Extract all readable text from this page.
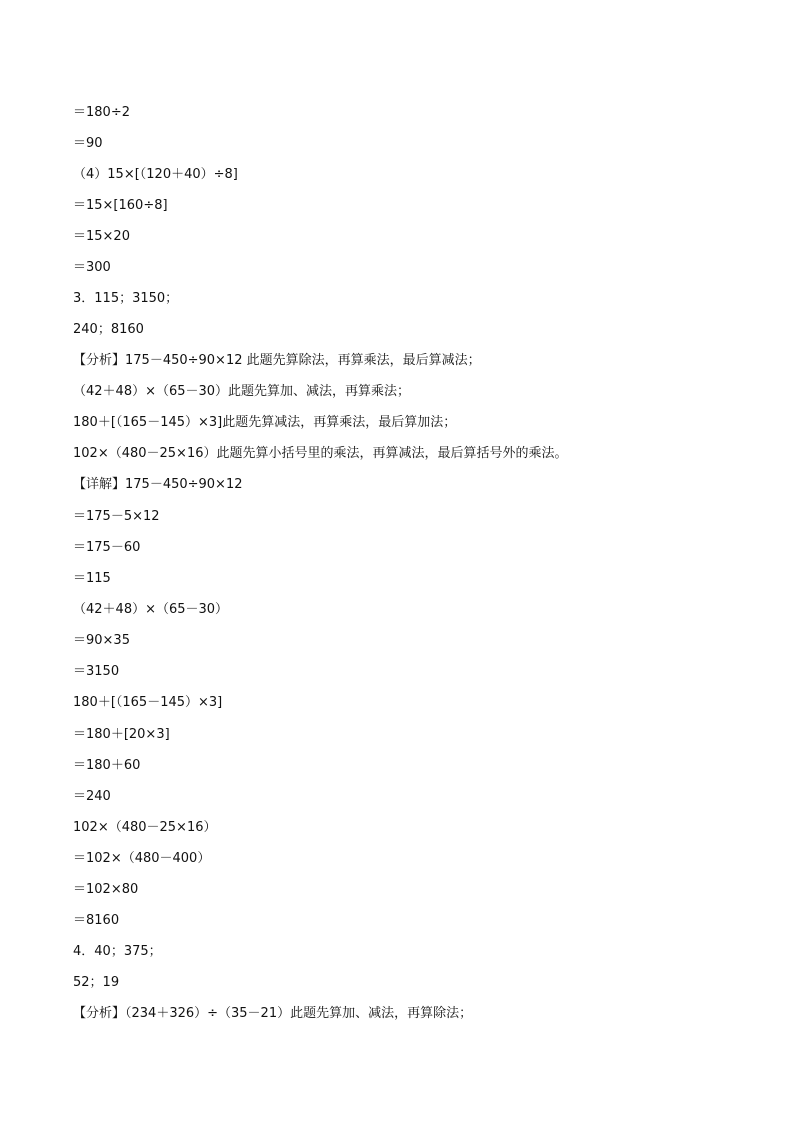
＝180÷2
＝90
（4）15×[（120＋40）÷8]
＝15×[160÷8]
＝15×20
＝300
3．115；3150；
240；8160
【分析】175－450÷90×12 此题先算除法，再算乘法，最后算减法；
（42＋48）×（65－30）此题先算加、减法，再算乘法；
180＋[（165－145）×3]此题先算减法，再算乘法，最后算加法；
102×（480－25×16）此题先算小括号里的乘法，再算减法，最后算括号外的乘法。
【详解】175－450÷90×12
＝175－5×12
＝175－60
＝115
（42＋48）×（65－30）
＝90×35
＝3150
180＋[（165－145）×3]
＝180＋[20×3]
＝180＋60
＝240
102×（480－25×16）
＝102×（480－400）
＝102×80
＝8160
4．40；375；
52；19
【分析】（234＋326）÷（35－21）此题先算加、减法，再算除法；
